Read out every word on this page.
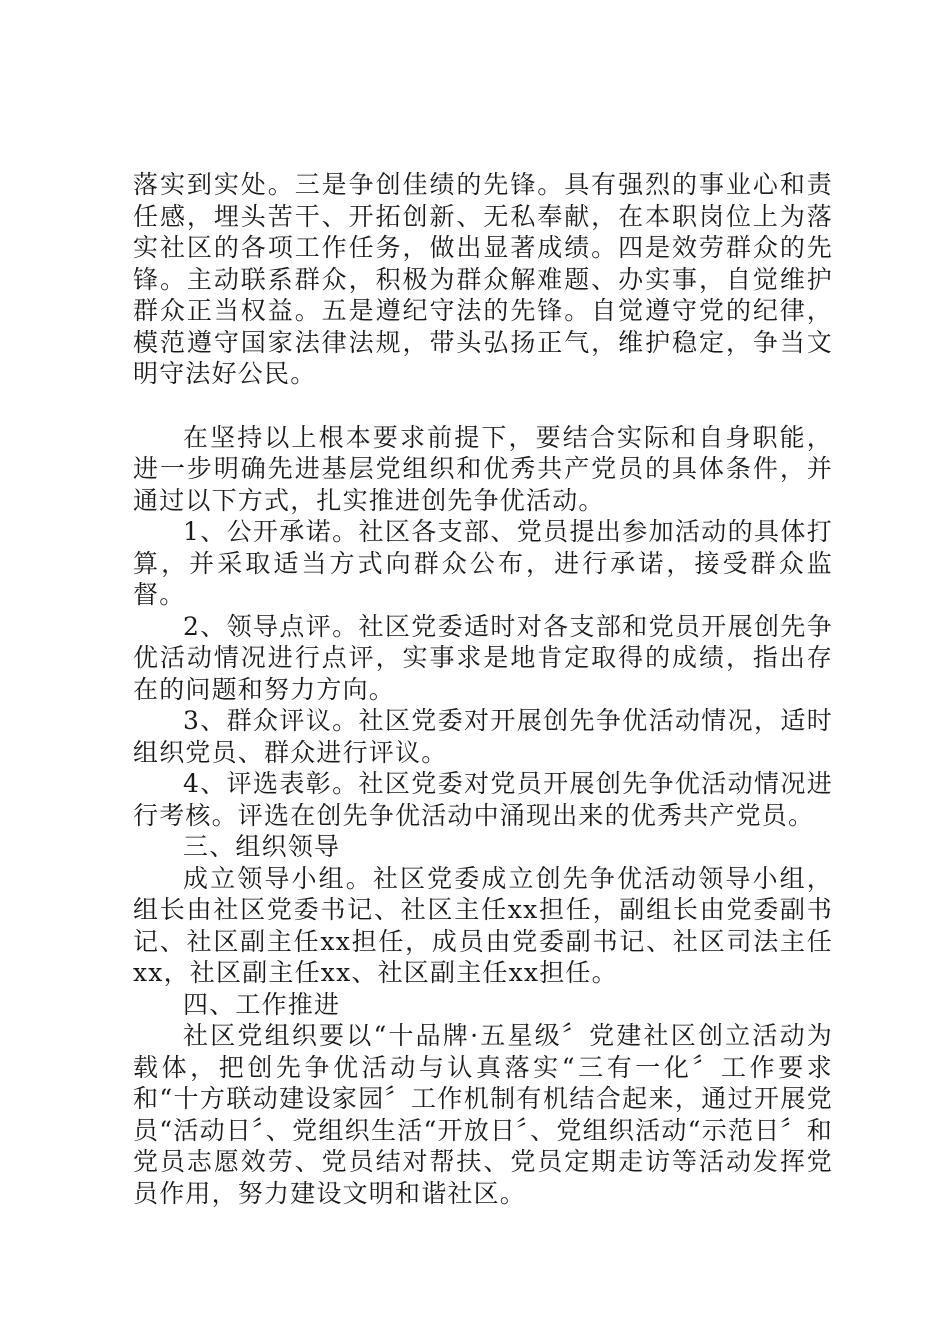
落实到实处。三是争创佳绩的先锋。具有强烈的事业心和责任感，埋头苦干、开拓创新、无私奉献，在本职岗位上为落实社区的各项工作任务，做出显著成绩。四是效劳群众的先锋。主动联系群众，积极为群众解难题、办实事，自觉维护群众正当权益。五是遵纪守法的先锋。自觉遵守党的纪律，模范遵守国家法律法规，带头弘扬正气，维护稳定，争当文明守法好公民。

在坚持以上根本要求前提下，要结合实际和自身职能，进一步明确先进基层党组织和优秀共产党员的具体条件，并通过以下方式，扎实推进创先争优活动。

1、公开承诺。社区各支部、党员提出参加活动的具体打算，并采取适当方式向群众公布，进行承诺，接受群众监督。

2、领导点评。社区党委适时对各支部和党员开展创先争优活动情况进行点评，实事求是地肯定取得的成绩，指出存在的问题和努力方向。

3、群众评议。社区党委对开展创先争优活动情况，适时组织党员、群众进行评议。

4、评选表彰。社区党委对党员开展创先争优活动情况进行考核。评选在创先争优活动中涌现出来的优秀共产党员。

三、组织领导

成立领导小组。社区党委成立创先争优活动领导小组，组长由社区党委书记、社区主任xx担任，副组长由党委副书记、社区副主任xx担任，成员由党委副书记、社区司法主任xx，社区副主任xx、社区副主任xx担任。

四、工作推进

社区党组织要以“十品牌·五星级〞党建社区创立活动为载体，把创先争优活动与认真落实“三有一化〞工作要求和“十方联动建设家园〞工作机制有机结合起来，通过开展党员“活动日〞、党组织生活“开放日〞、党组织活动“示范日〞和党员志愿效劳、党员结对帮扶、党员定期走访等活动发挥党员作用，努力建设文明和谐社区。
